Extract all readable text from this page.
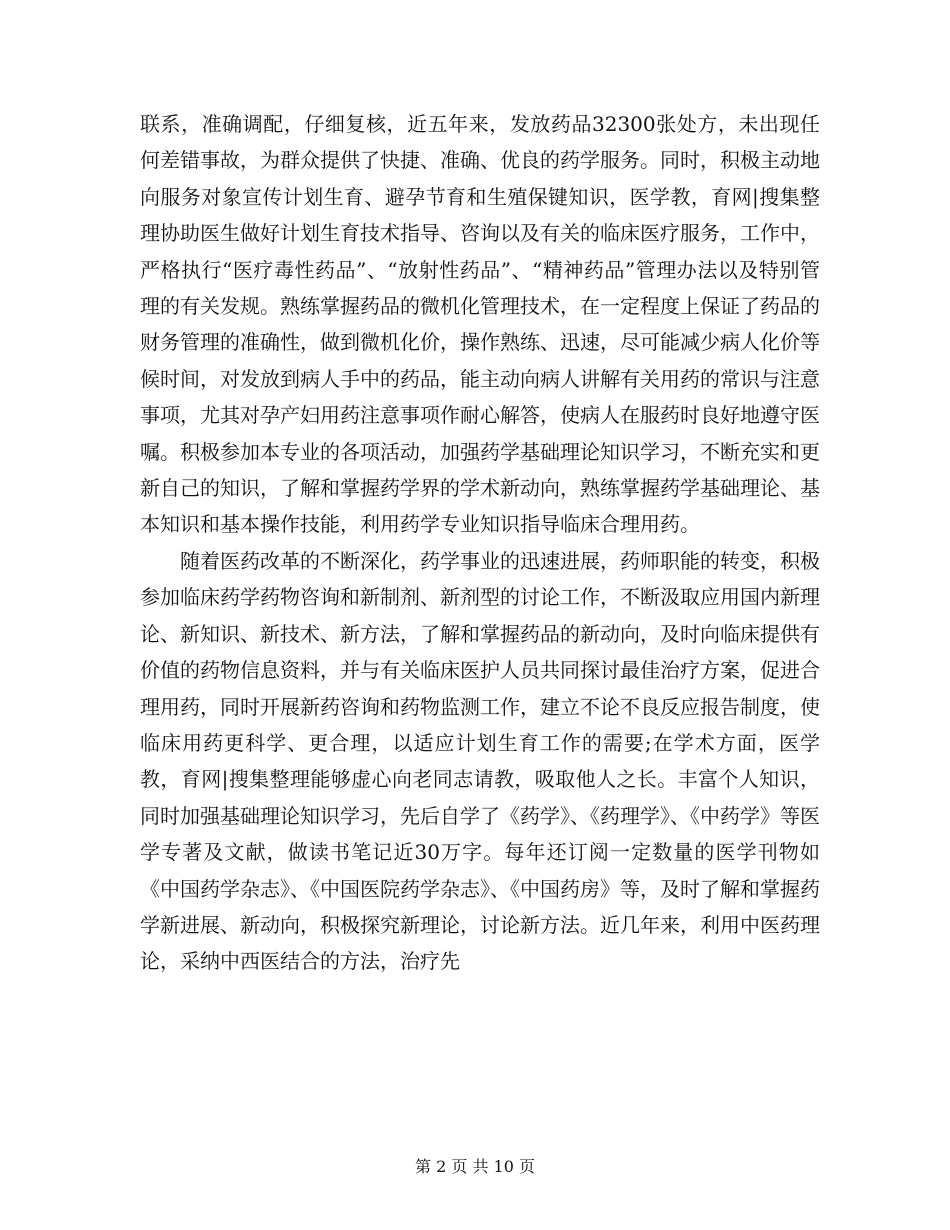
联系，准确调配，仔细复核，近五年来，发放药品32300张处方，未出现任何差错事故，为群众提供了快捷、准确、优良的药学服务。同时，积极主动地向服务对象宣传计划生育、避孕节育和生殖保键知识，医学教，育网|搜集整理协助医生做好计划生育技术指导、咨询以及有关的临床医疗服务，工作中，严格执行“医疗毒性药品”、“放射性药品”、“精神药品”管理办法以及特别管理的有关发规。熟练掌握药品的微机化管理技术，在一定程度上保证了药品的财务管理的准确性，做到微机化价，操作熟练、迅速，尽可能减少病人化价等候时间，对发放到病人手中的药品，能主动向病人讲解有关用药的常识与注意事项，尤其对孕产妇用药注意事项作耐心解答，使病人在服药时良好地遵守医嘱。积极参加本专业的各项活动，加强药学基础理论知识学习，不断充实和更新自己的知识，了解和掌握药学界的学术新动向，熟练掌握药学基础理论、基本知识和基本操作技能，利用药学专业知识指导临床合理用药。

随着医药改革的不断深化，药学事业的迅速进展，药师职能的转变，积极参加临床药学药物咨询和新制剂、新剂型的讨论工作，不断汲取应用国内新理论、新知识、新技术、新方法，了解和掌握药品的新动向，及时向临床提供有价值的药物信息资料，并与有关临床医护人员共同探讨最佳治疗方案，促进合理用药，同时开展新药咨询和药物监测工作，建立不论不良反应报告制度，使临床用药更科学、更合理，以适应计划生育工作的需要;在学术方面，医学教，育网|搜集整理能够虚心向老同志请教，吸取他人之长。丰富个人知识，同时加强基础理论知识学习，先后自学了《药学》、《药理学》、《中药学》等医学专著及文献，做读书笔记近30万字。每年还订阅一定数量的医学刊物如《中国药学杂志》、《中国医院药学杂志》、《中国药房》等，及时了解和掌握药学新进展、新动向，积极探究新理论，讨论新方法。近几年来，利用中医药理论，采纳中西医结合的方法，治疗先

第 2 页 共 10 页
